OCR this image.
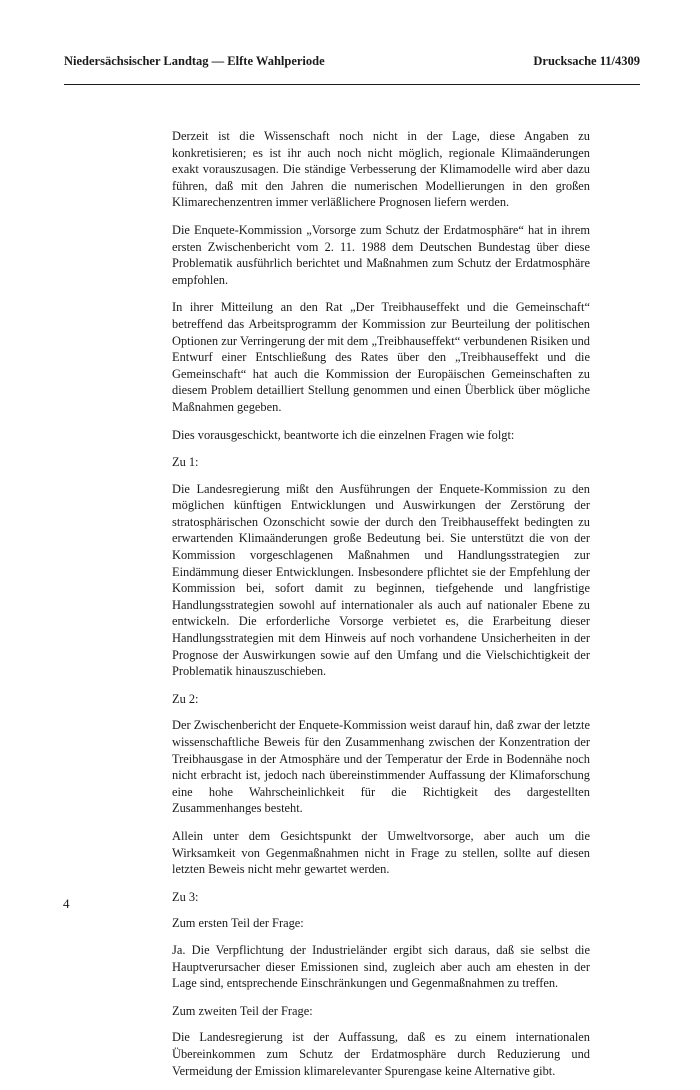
Niedersächsischer Landtag — Elfte Wahlperiode	Drucksache 11/4309

Derzeit ist die Wissenschaft noch nicht in der Lage, diese Angaben zu konkretisieren; es ist ihr auch noch nicht möglich, regionale Klimaänderungen exakt vorauszusagen. Die ständige Verbesserung der Klimamodelle wird aber dazu führen, daß mit den Jahren die numerischen Modellierungen in den großen Klimarechenzentren immer verläßlichere Prognosen liefern werden.

Die Enquete-Kommission „Vorsorge zum Schutz der Erdatmosphäre“ hat in ihrem ersten Zwischenbericht vom 2. 11. 1988 dem Deutschen Bundestag über diese Problematik ausführlich berichtet und Maßnahmen zum Schutz der Erdatmosphäre empfohlen.

In ihrer Mitteilung an den Rat „Der Treibhauseffekt und die Gemeinschaft“ betreffend das Arbeitsprogramm der Kommission zur Beurteilung der politischen Optionen zur Verringerung der mit dem „Treibhauseffekt“ verbundenen Risiken und Entwurf einer Entschließung des Rates über den „Treibhauseffekt und die Gemeinschaft“ hat auch die Kommission der Europäischen Gemeinschaften zu diesem Problem detailliert Stellung genommen und einen Überblick über mögliche Maßnahmen gegeben.

Dies vorausgeschickt, beantworte ich die einzelnen Fragen wie folgt:

Zu 1:

Die Landesregierung mißt den Ausführungen der Enquete-Kommission zu den möglichen künftigen Entwicklungen und Auswirkungen der Zerstörung der stratosphärischen Ozonschicht sowie der durch den Treibhauseffekt bedingten zu erwartenden Klimaänderungen große Bedeutung bei. Sie unterstützt die von der Kommission vorgeschlagenen Maßnahmen und Handlungsstrategien zur Eindämmung dieser Entwicklungen. Insbesondere pflichtet sie der Empfehlung der Kommission bei, sofort damit zu beginnen, tiefgehende und langfristige Handlungsstrategien sowohl auf internationaler als auch auf nationaler Ebene zu entwickeln. Die erforderliche Vorsorge verbietet es, die Erarbeitung dieser Handlungsstrategien mit dem Hinweis auf noch vorhandene Unsicherheiten in der Prognose der Auswirkungen sowie auf den Umfang und die Vielschichtigkeit der Problematik hinauszuschieben.

Zu 2:

Der Zwischenbericht der Enquete-Kommission weist darauf hin, daß zwar der letzte wissenschaftliche Beweis für den Zusammenhang zwischen der Konzentration der Treibhausgase in der Atmosphäre und der Temperatur der Erde in Bodennähe noch nicht erbracht ist, jedoch nach übereinstimmender Auffassung der Klimaforschung eine hohe Wahrscheinlichkeit für die Richtigkeit des dargestellten Zusammenhanges besteht.

Allein unter dem Gesichtspunkt der Umweltvorsorge, aber auch um die Wirksamkeit von Gegenmaßnahmen nicht in Frage zu stellen, sollte auf diesen letzten Beweis nicht mehr gewartet werden.

Zu 3:

Zum ersten Teil der Frage:

Ja. Die Verpflichtung der Industrieländer ergibt sich daraus, daß sie selbst die Hauptverursacher dieser Emissionen sind, zugleich aber auch am ehesten in der Lage sind, entsprechende Einschränkungen und Gegenmaßnahmen zu treffen.

Zum zweiten Teil der Frage:

Die Landesregierung ist der Auffassung, daß es zu einem internationalen Übereinkommen zum Schutz der Erdatmosphäre durch Reduzierung und Vermeidung der Emission klimarelevanter Spurengase keine Alternative gibt.

4
